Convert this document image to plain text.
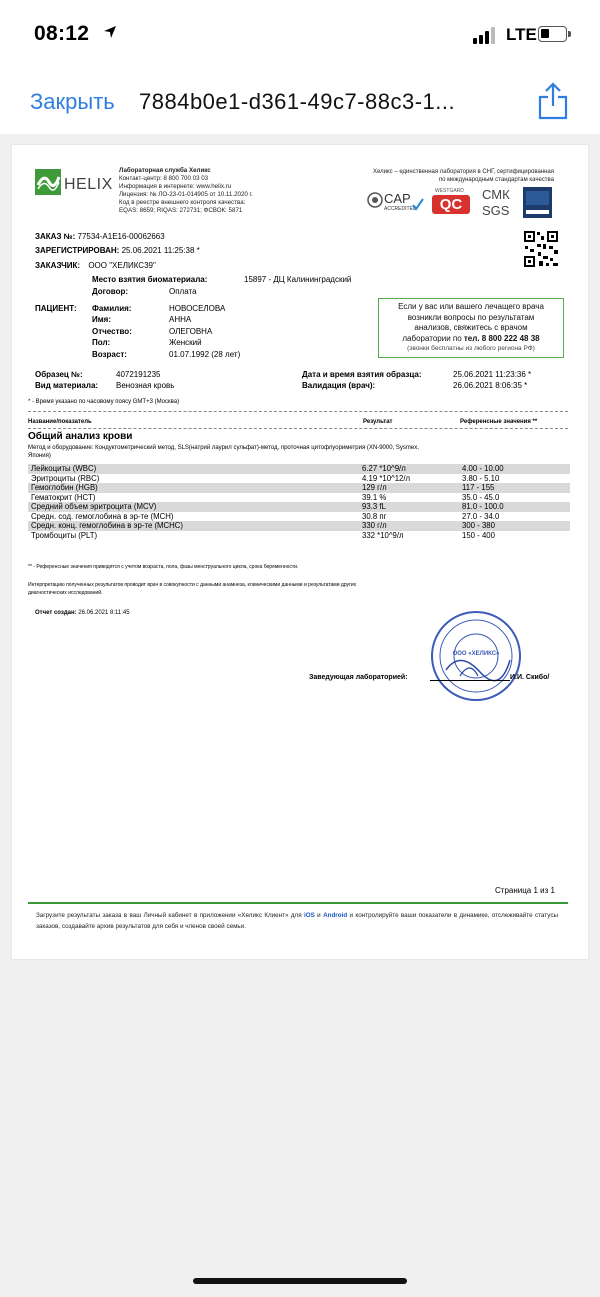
08:12	LTE
Закрыть 7884b0e1-d361-49c7-88c3-1...
HELIX
Лабораторная служба Хеликс
Контакт-центр: 8 800 700 03 03
Информация в интернете: www.helix.ru
Лицензия: № ЛО-23-01-014905 от 10.11.2020 г.
Код в реестре внешнего контроля качества:
EQAS: 8659; RIQAS: 272731; ФСВОК: 5871
Хеликс – единственная лаборатория в СНГ, сертифицированная
по международным стандартам качества
CAP
ACCREDITED
WESTGARD
QC
СМК
SGS
ЗАКАЗ №: 77534-A1E16-00062663
ЗАРЕГИСТРИРОВАН: 25.06.2021 11:25:38 *
ЗАКАЗЧИК: ООО "ХЕЛИКС39"
Место взятия биоматериала:	15897 - ДЦ Калининградский
Договор:	Оплата
ПАЦИЕНТ: Фамилия:	НОВОСЕЛОВА
Имя:	АННА
Отчество:	ОЛЕГОВНА
Пол:	Женский
Возраст:	01.07.1992 (28 лет)
Если у вас или вашего лечащего врача
возникли вопросы по результатам
анализов, свяжитесь с врачом
лаборатории по тел. 8 800 222 48 38
(звонки бесплатны из любого региона РФ)
Образец №:	4072191235
Вид материала: Венозная кровь
Дата и время взятия образца:	25.06.2021 11:23:36 *
Валидация (врач):	26.06.2021 8:06:35 *
* - Время указано по часовому поясу GMT+3 (Москва)
Название/показатель	Результат	Референсные значения **
Общий анализ крови
Метод и оборудование: Кондуктометрический метод, SLS(натрий лаурил сульфат)-метод, проточная цитофлуориметрия (XN-9000, Sysmex,
Япония)
Лейкоциты (WBC)	6.27 *10^9/л	4.00 - 10.00
Эритроциты (RBC)	4.19 *10^12/л	3.80 - 5.10
Гемоглобин (HGB)	129 г/л	117 - 155
Гематокрит (HCT)	39.1 %	35.0 - 45.0
Средний объем эритроцита (MCV)	93.3 fL	81.0 - 100.0
Средн. сод. гемоглобина в эр-те (MCH)	30.8 пг	27.0 - 34.0
Средн. конц. гемоглобина в эр-те (MCHC)	330 г/л	300 - 380
Тромбоциты (PLT)	332 *10^9/л	150 - 400
** - Референсные значения приводятся с учетом возраста, пола, фазы менструального цикла, срока беременности.
Интерпретацию полученных результатов проводит врач в совокупности с данными анамнеза, клиническими данными и результатами других
диагностических исследований.
Отчет создан: 26.06.2021 8:11:45
ООО «ХЕЛИКС»
Заведующая лабораторией:	И.И. Скибо/
Страница 1 из 1
Загрузите результаты заказа в ваш Личный кабинет в приложении «Хеликс Клиент» для iOS и Android и контролируйте ваши показатели в динамике, отслеживайте статусы заказов, создавайте архив результатов для себя и членов своей семьи.
